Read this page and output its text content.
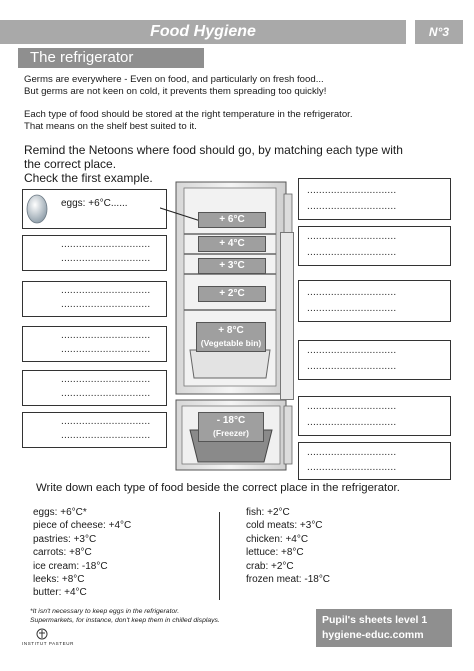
Food Hygiene	N°3
The refrigerator
Germs are everywhere - Even on food, and particularly on fresh food...
But germs are not keen on cold, it prevents them spreading too quickly!
Each type of food should be stored at the right temperature in the refrigerator.
That means on the shelf best suited to it.
Remind the Netoons where food should go, by matching each type with
the correct place.
Check the first example.
eggs: +6°C......
..............................
..............................
..............................
..............................
..............................
..............................
..............................
..............................
..............................
..............................
..............................
..............................
..............................
..............................
..............................
..............................
..............................
..............................
..............................
..............................
..............................
..............................
+ 6°C
+ 4°C
+ 3°C
+ 2°C
+ 8°C
(Vegetable bin)
- 18°C
(Freezer)
Write down each type of food beside the correct place in the refrigerator.
eggs: +6°C*
piece of cheese: +4°C
pastries: +3°C
carrots: +8°C
ice cream: -18°C
leeks: +8°C
butter: +4°C
fish: +2°C
cold meats: +3°C
chicken: +4°C
lettuce: +8°C
crab: +2°C
frozen meat: -18°C
*It isn't necessary to keep eggs in the refrigerator.
Supermarkets, for instance, don't keep them in chilled displays.
INSTITUT PASTEUR
Pupil's sheets level 1
hygiene-educ.comm
